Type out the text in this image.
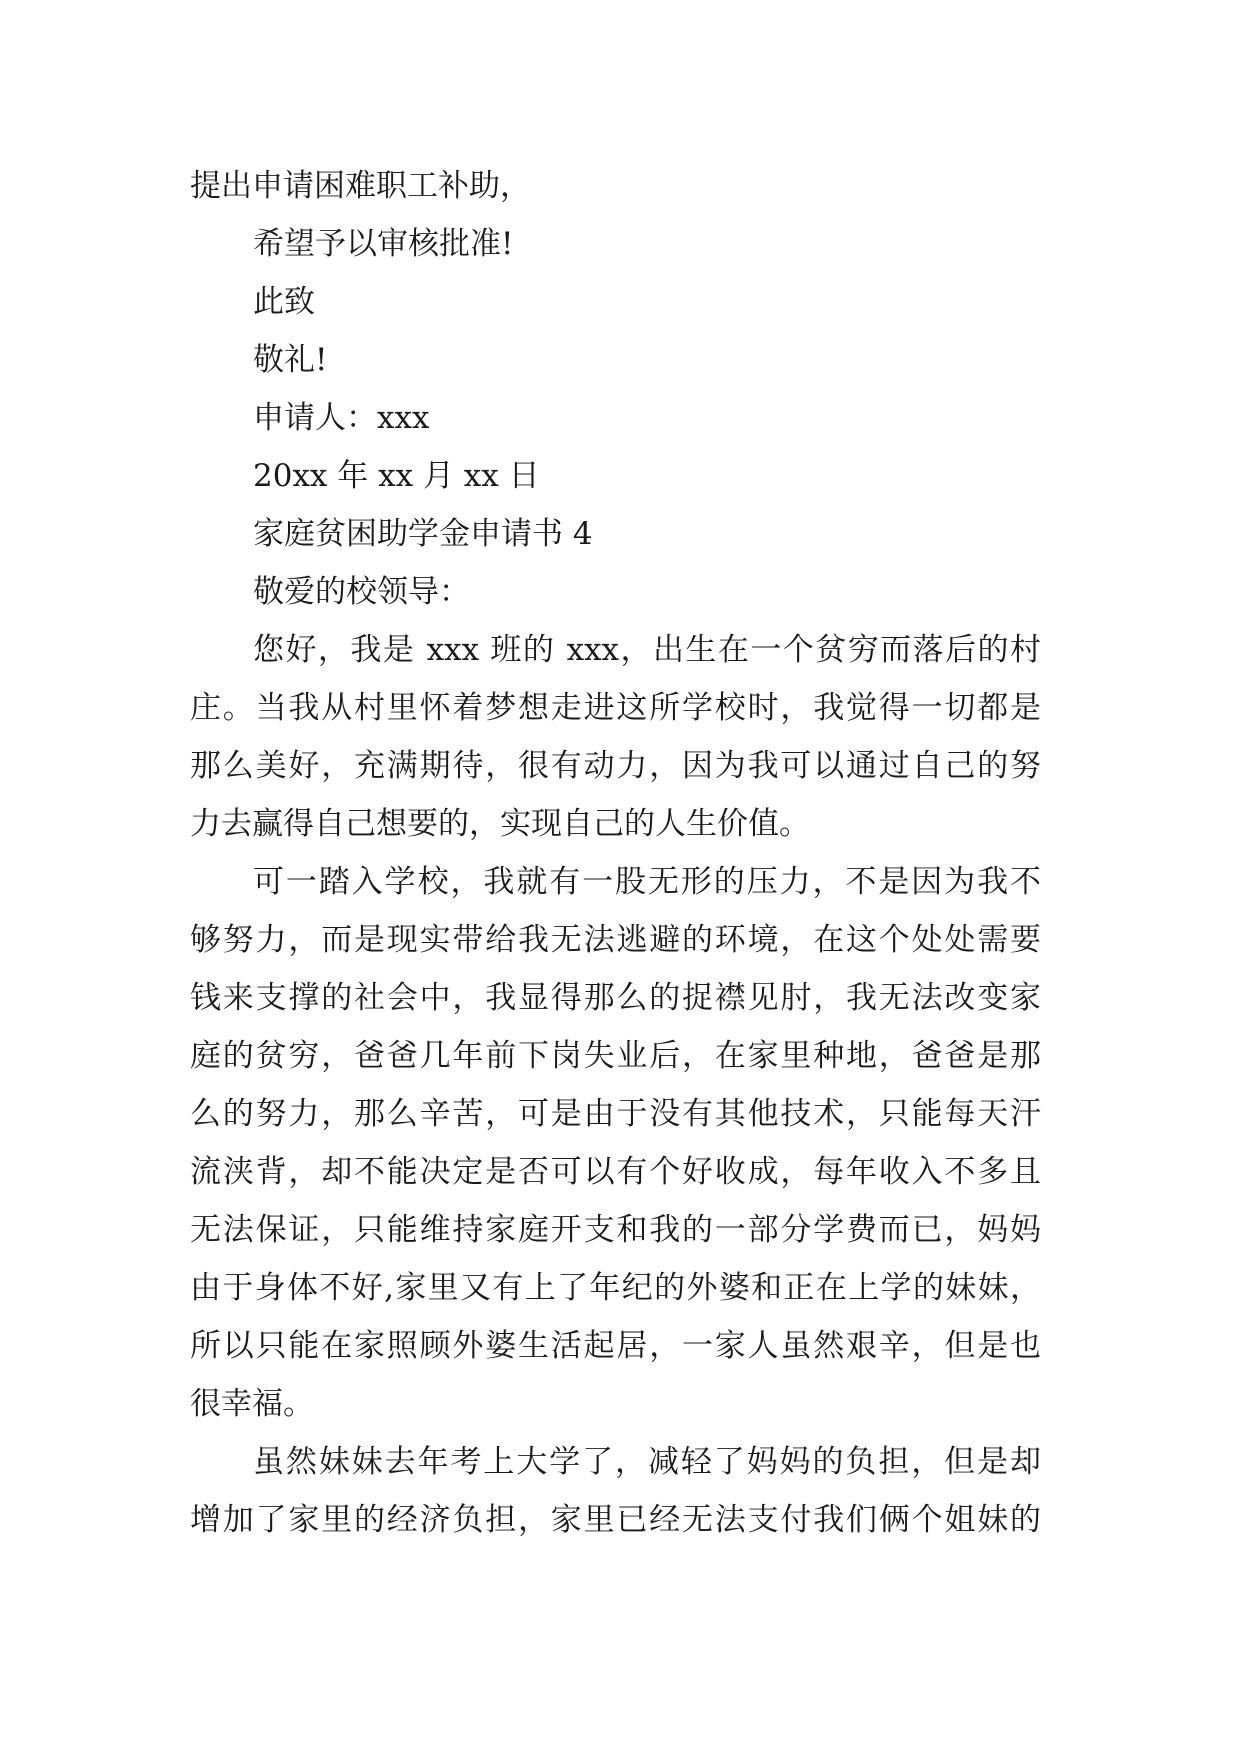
提出申请困难职工补助，
希望予以审核批准!
此致
敬礼!
申请人：xxx
20xx 年 xx 月 xx 日
家庭贫困助学金申请书 4
敬爱的校领导：
您好，我是 xxx 班的 xxx，出生在一个贫穷而落后的村
庄。当我从村里怀着梦想走进这所学校时，我觉得一切都是
那么美好，充满期待，很有动力，因为我可以通过自己的努
力去赢得自己想要的，实现自己的人生价值。
可一踏入学校，我就有一股无形的压力，不是因为我不
够努力，而是现实带给我无法逃避的环境，在这个处处需要
钱来支撑的社会中，我显得那么的捉襟见肘，我无法改变家
庭的贫穷，爸爸几年前下岗失业后，在家里种地，爸爸是那
么的努力，那么辛苦，可是由于没有其他技术，只能每天汗
流浃背，却不能决定是否可以有个好收成，每年收入不多且
无法保证，只能维持家庭开支和我的一部分学费而已，妈妈
由于身体不好,家里又有上了年纪的外婆和正在上学的妹妹，
所以只能在家照顾外婆生活起居，一家人虽然艰辛，但是也
很幸福。
虽然妹妹去年考上大学了，减轻了妈妈的负担，但是却
增加了家里的经济负担，家里已经无法支付我们俩个姐妹的
